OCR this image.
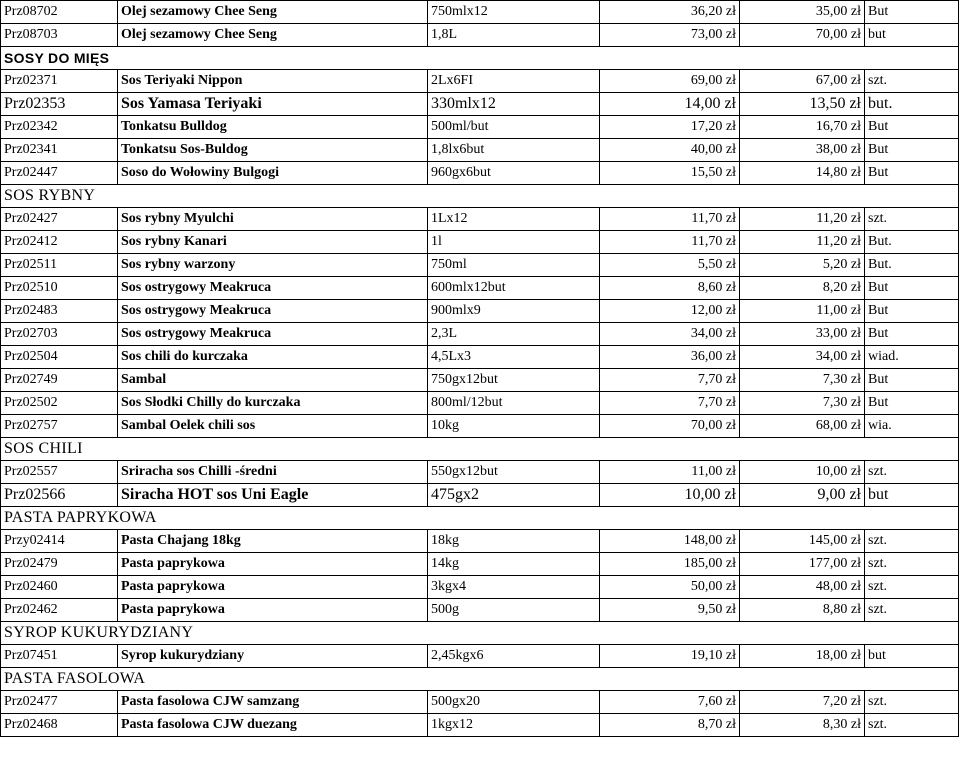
Prz08702	Olej sezamowy Chee Seng	750mlx12	36,20 zł	35,00 zł	But
Prz08703	Olej sezamowy Chee Seng	1,8L	73,00 zł	70,00 zł	but
SOSY DO MIĘS					
Prz02371	Sos Teriyaki Nippon	2Lx6FI	69,00 zł	67,00 zł	szt.
Prz02353	Sos Yamasa Teriyaki	330mlx12	14,00 zł	13,50 zł	but.
Prz02342	Tonkatsu Bulldog	500ml/but	17,20 zł	16,70 zł	But
Prz02341	Tonkatsu Sos-Buldog	1,8lx6but	40,00 zł	38,00 zł	But
Prz02447	Soso do Wołowiny Bulgogi	960gx6but	15,50 zł	14,80 zł	But
SOS RYBNY					
Prz02427	Sos rybny Myulchi	1Lx12	11,70 zł	11,20 zł	szt.
Prz02412	Sos rybny Kanari	1l	11,70 zł	11,20 zł	But.
Prz02511	Sos rybny warzony	750ml	5,50 zł	5,20 zł	But.
Prz02510	Sos ostrygowy Meakruca	600mlx12but	8,60 zł	8,20 zł	But
Prz02483	Sos ostrygowy Meakruca	900mlx9	12,00 zł	11,00 zł	But
Prz02703	Sos ostrygowy Meakruca	2,3L	34,00 zł	33,00 zł	But
Prz02504	Sos chili do kurczaka	4,5Lx3	36,00 zł	34,00 zł	wiad.
Prz02749	Sambal	750gx12but	7,70 zł	7,30 zł	But
Prz02502	Sos Słodki Chilly do kurczaka	800ml/12but	7,70 zł	7,30 zł	But
Prz02757	Sambal Oelek chili sos	10kg	70,00 zł	68,00 zł	wia.
SOS CHILI					
Prz02557	Sriracha sos Chilli -średni	550gx12but	11,00 zł	10,00 zł	szt.
Prz02566	Siracha HOT sos Uni Eagle	475gx2	10,00 zł	9,00 zł	but
PASTA PAPRYKOWA					
Przy02414	Pasta Chajang 18kg	18kg	148,00 zł	145,00 zł	szt.
Prz02479	Pasta paprykowa	14kg	185,00 zł	177,00 zł	szt.
Prz02460	Pasta paprykowa	3kgx4	50,00 zł	48,00 zł	szt.
Prz02462	Pasta paprykowa	500g	9,50 zł	8,80 zł	szt.
SYROP KUKURYDZIANY					
Prz07451	Syrop kukurydziany	2,45kgx6	19,10 zł	18,00 zł	but
PASTA FASOLOWA					
Prz02477	Pasta fasolowa CJW samzang	500gx20	7,60 zł	7,20 zł	szt.
Prz02468	Pasta fasolowa CJW duezang	1kgx12	8,70 zł	8,30 zł	szt.
